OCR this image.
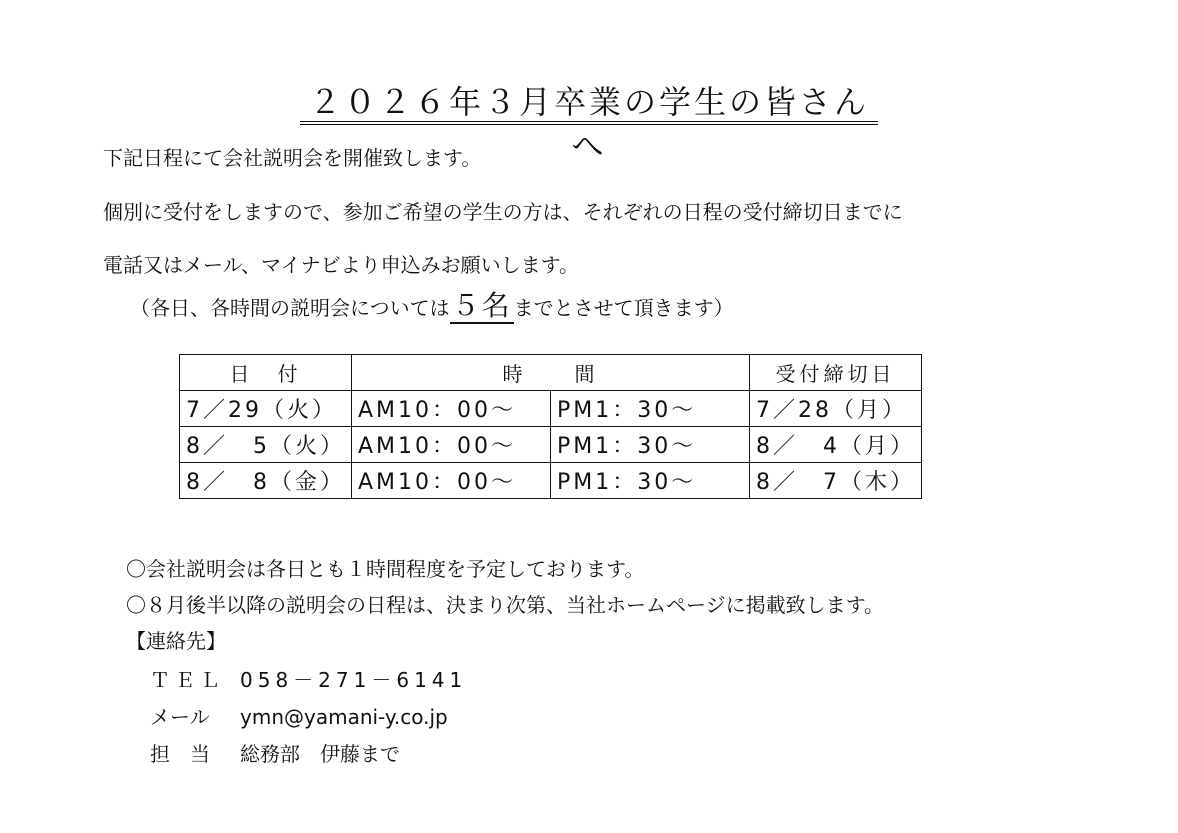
２０２６年３月卒業の学生の皆さんへ
下記日程にて会社説明会を開催致します。
個別に受付をしますので、参加ご希望の学生の方は、それぞれの日程の受付締切日までに
電話又はメール、マイナビより申込みお願いします。
（各日、各時間の説明会については５名 までとさせて頂きます）
日　付	時　　間		受付締切日
7／29（火）	AM10：00～	PM1：30～	7／28（月）
8／　5（火）	AM10：00～	PM1：30～	8／　4（月）
8／　8（金）	AM10：00～	PM1：30～	8／　7（木）
〇会社説明会は各日とも１時間程度を予定しております。
〇８月後半以降の説明会の日程は、決まり次第、当社ホームページに掲載致します。
【連絡先】
ＴＥＬ 058－271－6141
メール ymn@yamani-y.co.jp
担　当 総務部　伊藤まで
